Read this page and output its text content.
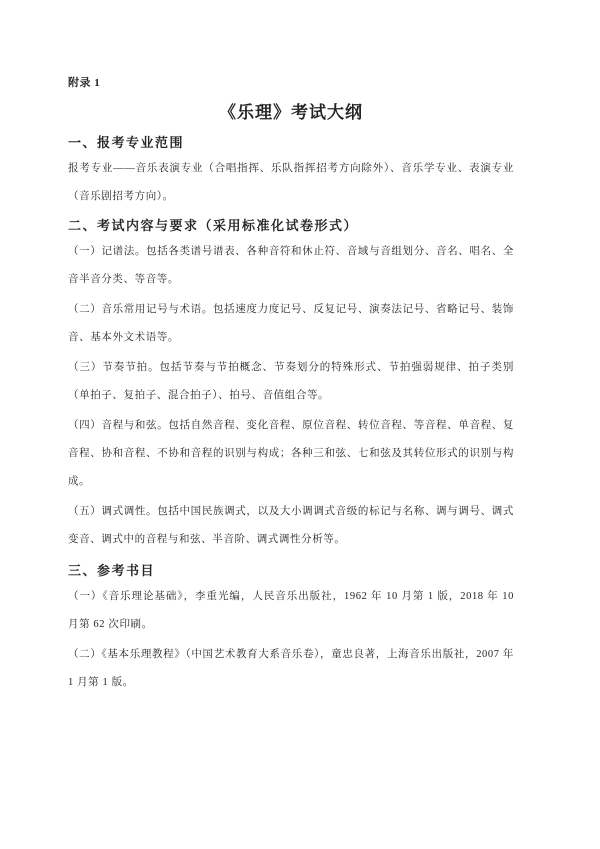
附录 1
《乐理》考试大纲
一、报考专业范围

报考专业——音乐表演专业（合唱指挥、乐队指挥招考方向除外）、音乐学专业、表演专业（音乐剧招考方向）。

二、考试内容与要求（采用标准化试卷形式）

（一）记谱法。包括各类谱号谱表、各种音符和休止符、音域与音组划分、音名、唱名、全音半音分类、等音等。

（二）音乐常用记号与术语。包括速度力度记号、反复记号、演奏法记号、省略记号、装饰音、基本外文术语等。

（三）节奏节拍。包括节奏与节拍概念、节奏划分的特殊形式、节拍强弱规律、拍子类别（单拍子、复拍子、混合拍子）、拍号、音值组合等。

（四）音程与和弦。包括自然音程、变化音程、原位音程、转位音程、等音程、单音程、复音程、协和音程、不协和音程的识别与构成；各种三和弦、七和弦及其转位形式的识别与构成。

（五）调式调性。包括中国民族调式，以及大小调调式音级的标记与名称、调与调号、调式变音、调式中的音程与和弦、半音阶、调式调性分析等。

三、参考书目

（一）《音乐理论基础》，李重光编，人民音乐出版社，1962 年 10 月第 1 版，2018 年 10 月第 62 次印刷。

（二）《基本乐理教程》（中国艺术教育大系音乐卷），童忠良著，上海音乐出版社，2007 年 1 月第 1 版。
